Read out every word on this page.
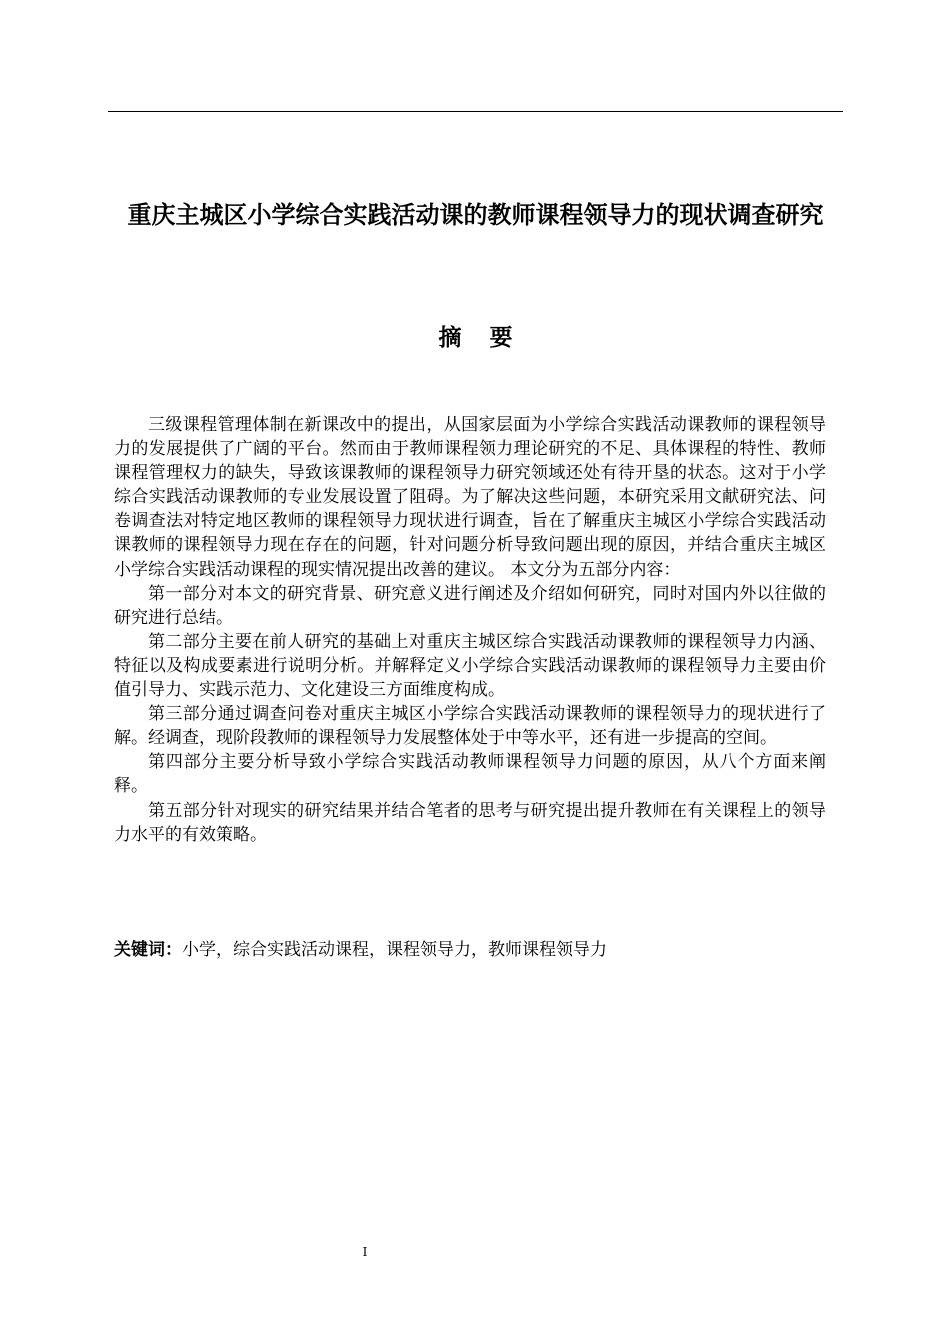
重庆主城区小学综合实践活动课的教师课程领导力的现状调查研究
摘要

三级课程管理体制在新课改中的提出，从国家层面为小学综合实践活动课教师的课程领导力的发展提供了广阔的平台。然而由于教师课程领力理论研究的不足、具体课程的特性、教师课程管理权力的缺失，导致该课教师的课程领导力研究领域还处有待开垦的状态。这对于小学综合实践活动课教师的专业发展设置了阻碍。为了解决这些问题，本研究采用文献研究法、问卷调查法对特定地区教师的课程领导力现状进行调查，旨在了解重庆主城区小学综合实践活动课教师的课程领导力现在存在的问题，针对问题分析导致问题出现的原因，并结合重庆主城区小学综合实践活动课程的现实情况提出改善的建议。 本文分为五部分内容：

第一部分对本文的研究背景、研究意义进行阐述及介绍如何研究，同时对国内外以往做的研究进行总结。

第二部分主要在前人研究的基础上对重庆主城区综合实践活动课教师的课程领导力内涵、特征以及构成要素进行说明分析。并解释定义小学综合实践活动课教师的课程领导力主要由价值引导力、实践示范力、文化建设三方面维度构成。

第三部分通过调查问卷对重庆主城区小学综合实践活动课教师的课程领导力的现状进行了解。经调查，现阶段教师的课程领导力发展整体处于中等水平，还有进一步提高的空间。

第四部分主要分析导致小学综合实践活动教师课程领导力问题的原因，从八个方面来阐释。

第五部分针对现实的研究结果并结合笔者的思考与研究提出提升教师在有关课程上的领导力水平的有效策略。

关键词：小学，综合实践活动课程，课程领导力，教师课程领导力

I
